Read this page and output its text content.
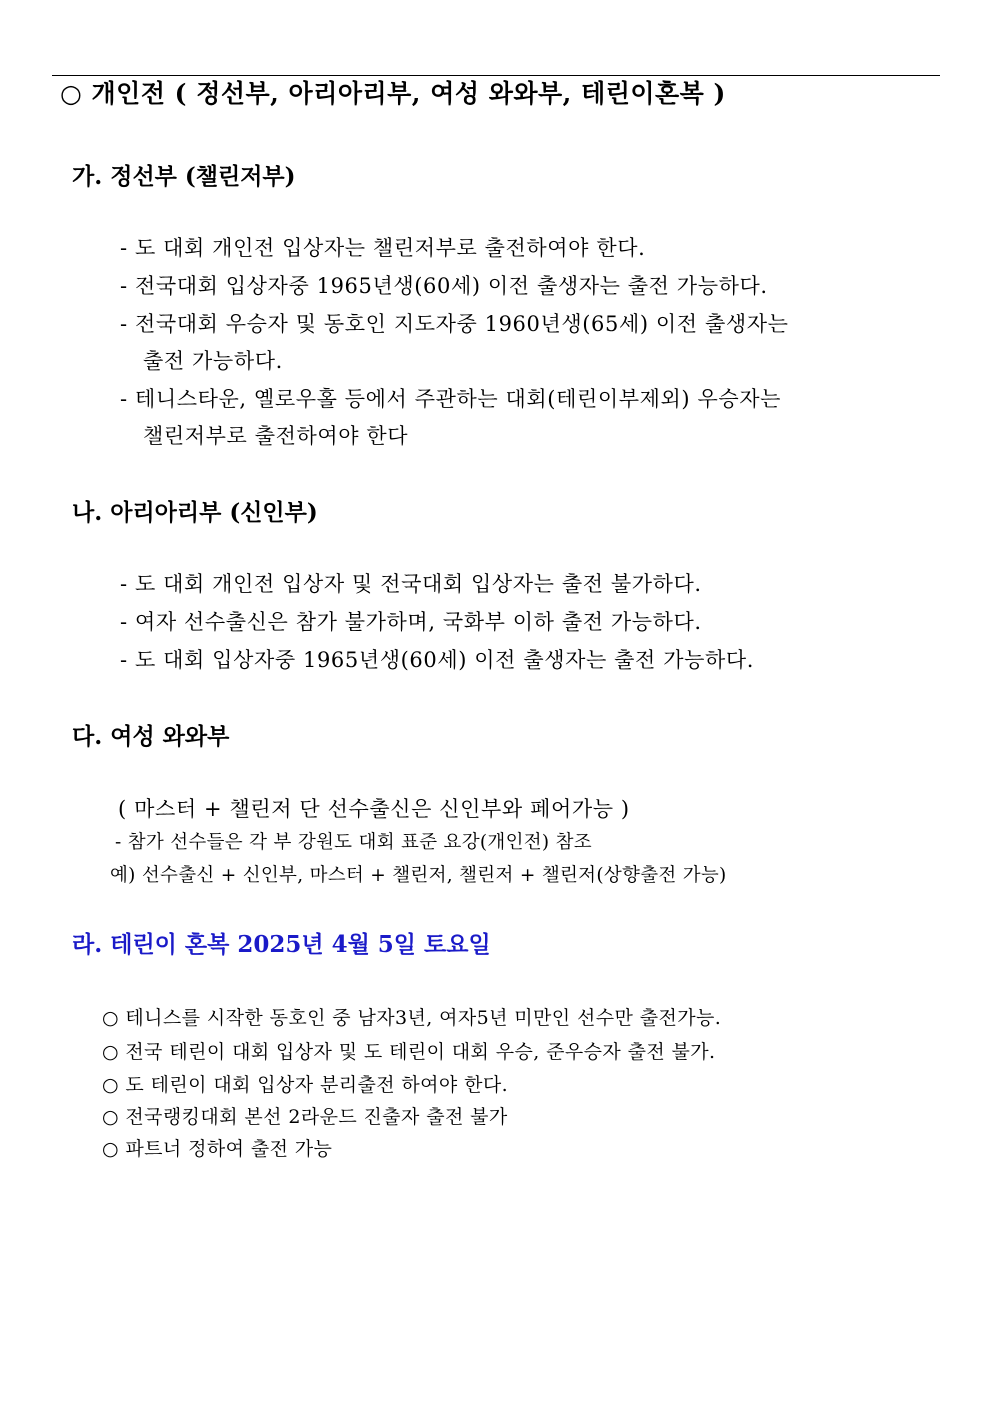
○ 개인전 ( 정선부, 아리아리부, 여성 와와부, 테린이혼복 )
가. 정선부 (챌린저부)
- 도 대회 개인전 입상자는 챌린저부로 출전하여야 한다.
- 전국대회 입상자중 1965년생(60세) 이전 출생자는 출전 가능하다.
- 전국대회 우승자 및 동호인 지도자중 1960년생(65세) 이전 출생자는
출전 가능하다.
- 테니스타운, 옐로우홀 등에서 주관하는 대회(테린이부제외) 우승자는
챌린저부로 출전하여야 한다
나. 아리아리부 (신인부)
- 도 대회 개인전 입상자 및 전국대회 입상자는 출전 불가하다.
- 여자 선수출신은 참가 불가하며, 국화부 이하 출전 가능하다.
- 도 대회 입상자중 1965년생(60세) 이전 출생자는 출전 가능하다.
다. 여성 와와부
( 마스터 + 챌린저 단 선수출신은 신인부와 페어가능 )
- 참가 선수들은 각 부 강원도 대회 표준 요강(개인전) 참조
예) 선수출신 + 신인부, 마스터 + 챌린저, 챌린저 + 챌린저(상향출전 가능)
라. 테린이 혼복 2025년 4월 5일 토요일
○ 테니스를 시작한 동호인 중 남자3년, 여자5년 미만인 선수만 출전가능.
○ 전국 테린이 대회 입상자 및 도 테린이 대회 우승, 준우승자 출전 불가.
○ 도 테린이 대회 입상자 분리출전 하여야 한다.
○ 전국랭킹대회 본선 2라운드 진출자 출전 불가
○ 파트너 정하여 출전 가능
